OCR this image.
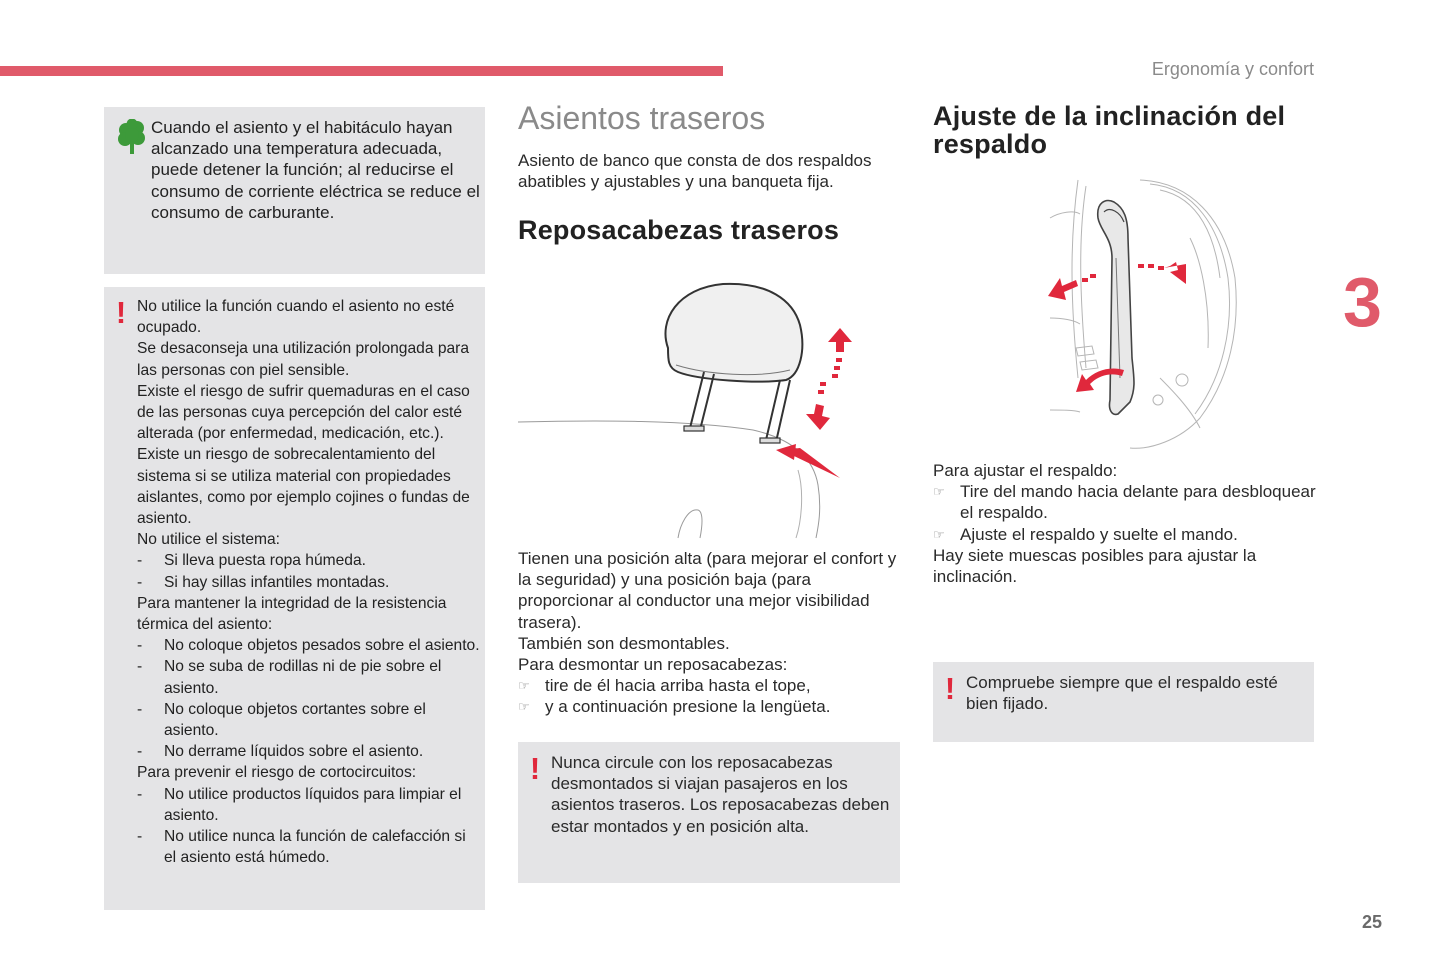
Ergonomía y confort
3
25
Cuando el asiento y el habitáculo hayan alcanzado una temperatura adecuada, puede detener la función; al reducirse el consumo de corriente eléctrica se reduce el consumo de carburante.
! No utilice la función cuando el asiento no esté ocupado.
Se desaconseja una utilización prolongada para las personas con piel sensible.
Existe el riesgo de sufrir quemaduras en el caso de las personas cuya percepción del calor esté alterada (por enfermedad, medicación, etc.).
Existe un riesgo de sobrecalentamiento del sistema si se utiliza material con propiedades aislantes, como por ejemplo cojines o fundas de asiento.
No utilice el sistema:
-	Si lleva puesta ropa húmeda.
-	Si hay sillas infantiles montadas.
Para mantener la integridad de la resistencia térmica del asiento:
-	No coloque objetos pesados sobre el asiento.
-	No se suba de rodillas ni de pie sobre el asiento.
-	No coloque objetos cortantes sobre el asiento.
-	No derrame líquidos sobre el asiento.
Para prevenir el riesgo de cortocircuitos:
-	No utilice productos líquidos para limpiar el asiento.
-	No utilice nunca la función de calefacción si el asiento está húmedo.
Asientos traseros
Asiento de banco que consta de dos respaldos abatibles y ajustables y una banqueta fija.
Reposacabezas traseros
Tienen una posición alta (para mejorar el confort y la seguridad) y una posición baja (para proporcionar al conductor una mejor visibilidad trasera).
También son desmontables.
Para desmontar un reposacabezas:
☞ tire de él hacia arriba hasta el tope,
☞ y a continuación presione la lengüeta.
! Nunca circule con los reposacabezas desmontados si viajan pasajeros en los asientos traseros. Los reposacabezas deben estar montados y en posición alta.
Ajuste de la inclinación del respaldo
Para ajustar el respaldo:
☞ Tire del mando hacia delante para desbloquear el respaldo.
☞ Ajuste el respaldo y suelte el mando.
Hay siete muescas posibles para ajustar la inclinación.
! Compruebe siempre que el respaldo esté bien fijado.
